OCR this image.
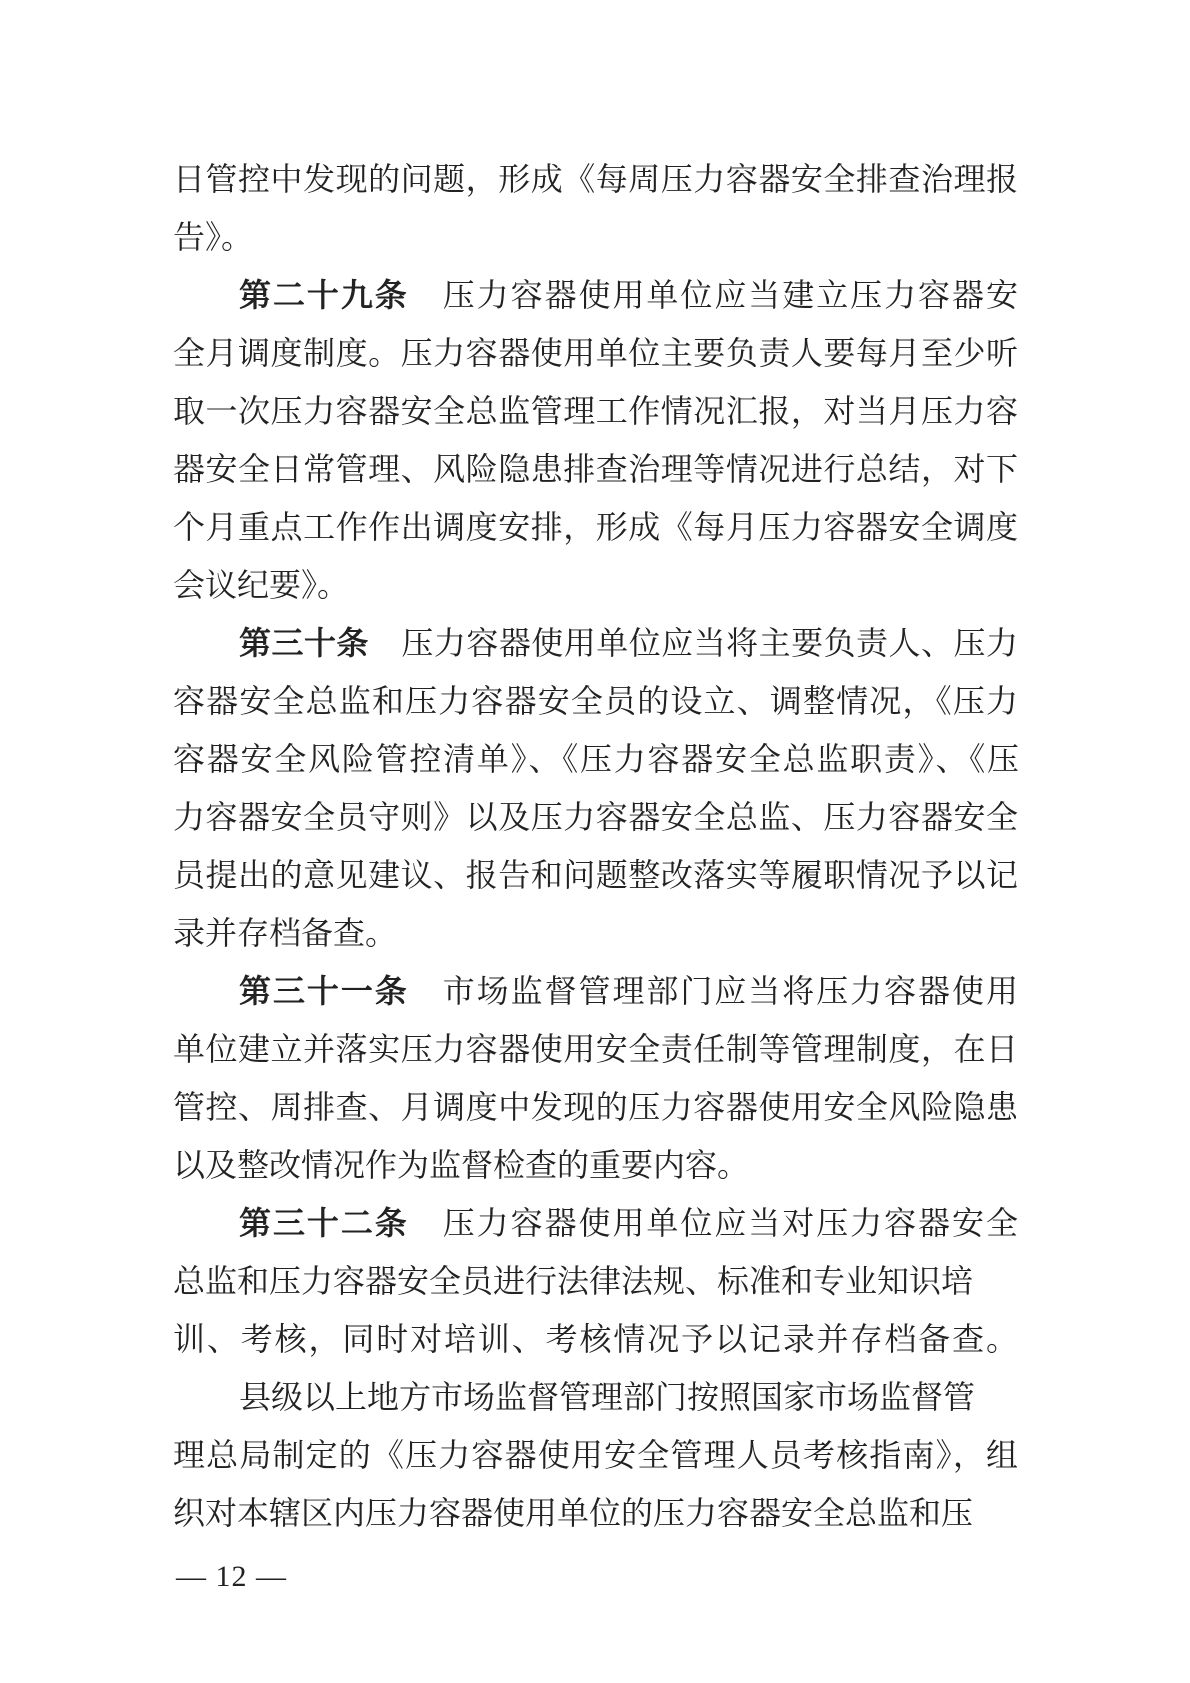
日管控中发现的问题，形成《每周压力容器安全排查治理报
告》。
第二十九条　 压力容器使用单位应当建立压力容器安
全月调度制度。压力容器使用单位主要负责人要每月至少听
取一次压力容器安全总监管理工作情况汇报，对当月压力容
器安全日常管理、风险隐患排查治理等情况进行总结，对下
个月重点工作作出调度安排，形成《每月压力容器安全调度
会议纪要》。
第三十条　 压力容器使用单位应当将主要负责人、压力
容器安全总监和压力容器安全员的设立、调整情况，《压力
容器安全风险管控清单》、《压力容器安全总监职责》、《压
力容器安全员守则》以及压力容器安全总监、压力容器安全
员提出的意见建议、报告和问题整改落实等履职情况予以记
录并存档备查。
第三十一条　 市场监督管理部门应当将压力容器使用
单位建立并落实压力容器使用安全责任制等管理制度，在日
管控、周排查、月调度中发现的压力容器使用安全风险隐患
以及整改情况作为监督检查的重要内容。
第三十二条　 压力容器使用单位应当对压力容器安全
总监和压力容器安全员进行法律法规、标准和专业知识培
训、考核，同时对培训、考核情况予以记录并存档备查。
县级以上地方市场监督管理部门按照国家市场监督管
理总局制定的《压力容器使用安全管理人员考核指南》，组
织对本辖区内压力容器使用单位的压力容器安全总监和压
— 12 —
